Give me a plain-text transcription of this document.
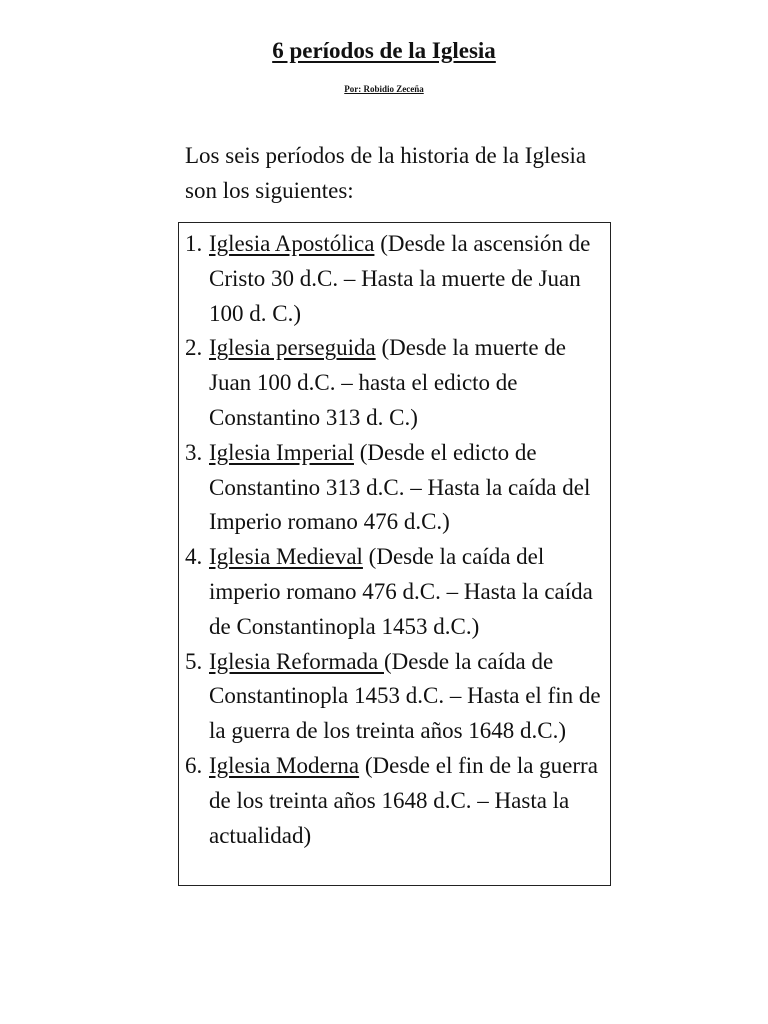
6 períodos de la Iglesia

Por: Robidio Zeceña

Los seis períodos de la historia de la Iglesia son los siguientes:

1. Iglesia Apostólica (Desde la ascensión de Cristo 30 d.C. – Hasta la muerte de Juan 100 d. C.)
2. Iglesia perseguida (Desde la muerte de Juan 100 d.C. – hasta el edicto de Constantino 313 d. C.)
3. Iglesia Imperial (Desde el edicto de Constantino 313 d.C. – Hasta la caída del Imperio romano 476 d.C.)
4. Iglesia Medieval (Desde la caída del imperio romano 476 d.C. – Hasta la caída de Constantinopla 1453 d.C.)
5. Iglesia Reformada (Desde la caída de Constantinopla 1453 d.C. – Hasta el fin de la guerra de los treinta años 1648 d.C.)
6. Iglesia Moderna (Desde el fin de la guerra de los treinta años 1648 d.C. – Hasta la actualidad)
